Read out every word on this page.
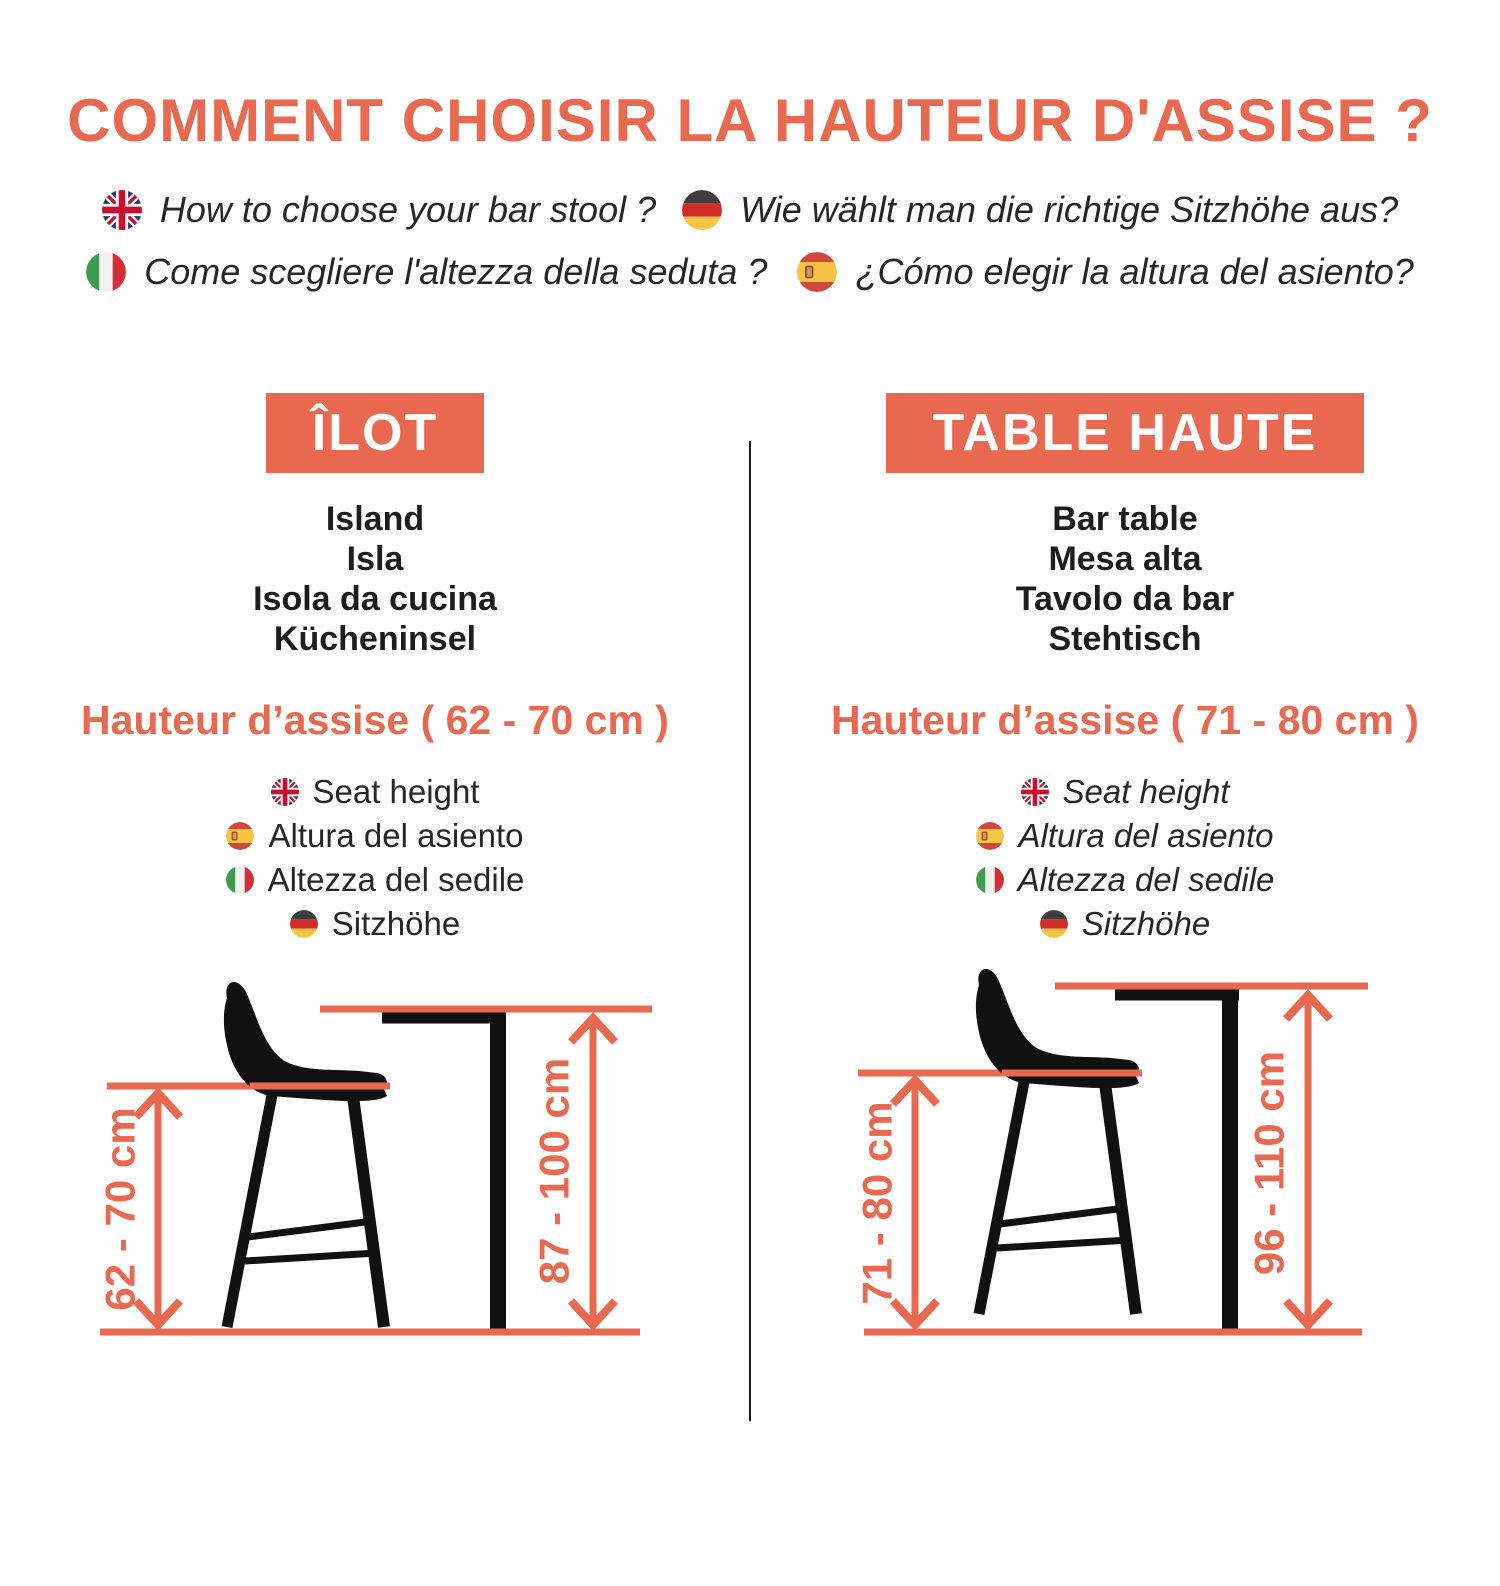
COMMENT CHOISIR LA HAUTEUR D'ASSISE ?
How to choose your bar stool ? Wie wählt man die richtige Sitzhöhe aus?
Come scegliere l'altezza della seduta ? ¿Cómo elegir la altura del asiento?
ÎLOT
Island
Isla
Isola da cucina
Kücheninsel
Hauteur d’assise ( 62 - 70 cm )
Seat height
Altura del asiento
Altezza del sedile
Sitzhöhe
62 - 70 cm	87 - 100 cm
TABLE HAUTE
Bar table
Mesa alta
Tavolo da bar
Stehtisch
Hauteur d’assise ( 71 - 80 cm )
Seat height
Altura del asiento
Altezza del sedile
Sitzhöhe
71 - 80 cm	96 - 110 cm
